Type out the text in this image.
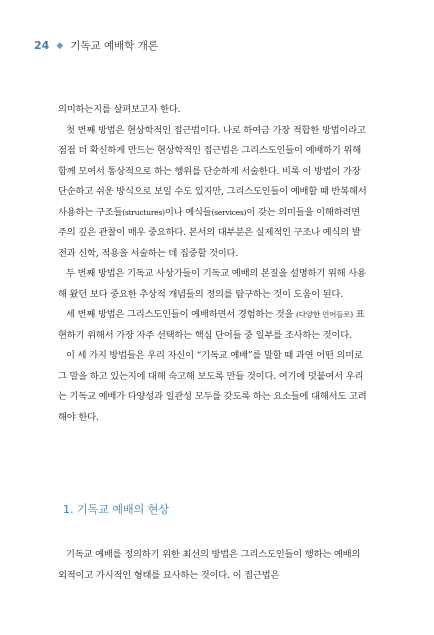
24 ◆ 기독교 예배학 개론

의미하는지를 살펴보고자 한다.

첫 번째 방법은 현상학적인 접근법이다. 나로 하여금 가장 적합한 방법이라고 점점 더 확신하게 만드는 현상학적인 접근법은 그리스도인들이 예배하기 위해 함께 모여서 통상적으로 하는 행위를 단순하게 서술한다. 비록 이 방법이 가장 단순하고 쉬운 방식으로 보일 수도 있지만, 그리스도인들이 예배할 때 반복해서 사용하는 구조들(structures)이나 예식들(services)이 갖는 의미들을 이해하려면 주의 깊은 관찰이 매우 중요하다. 본서의 대부분은 실제적인 구조나 예식의 발전과 신학, 적용을 서술하는 데 집중할 것이다.

두 번째 방법은 기독교 사상가들이 기독교 예배의 본질을 설명하기 위해 사용해 왔던 보다 중요한 추상적 개념들의 정의를 탐구하는 것이 도움이 된다.

세 번째 방법은 그리스도인들이 예배하면서 경험하는 것을 (다양한 언어들로) 표현하기 위해서 가장 자주 선택하는 핵심 단어들 중 일부를 조사하는 것이다.

이 세 가지 방법들은 우리 자신이 “기독교 예배”를 말할 때 과연 어떤 의미로 그 말을 하고 있는지에 대해 숙고해 보도록 만들 것이다. 여기에 덧붙여서 우리는 기독교 예배가 다양성과 일관성 모두를 갖도록 하는 요소들에 대해서도 고려해야 한다.

1. 기독교 예배의 현상

기독교 예배를 정의하기 위한 최선의 방법은 그리스도인들이 행하는 예배의 외적이고 가시적인 형태를 묘사하는 것이다. 이 접근법은
